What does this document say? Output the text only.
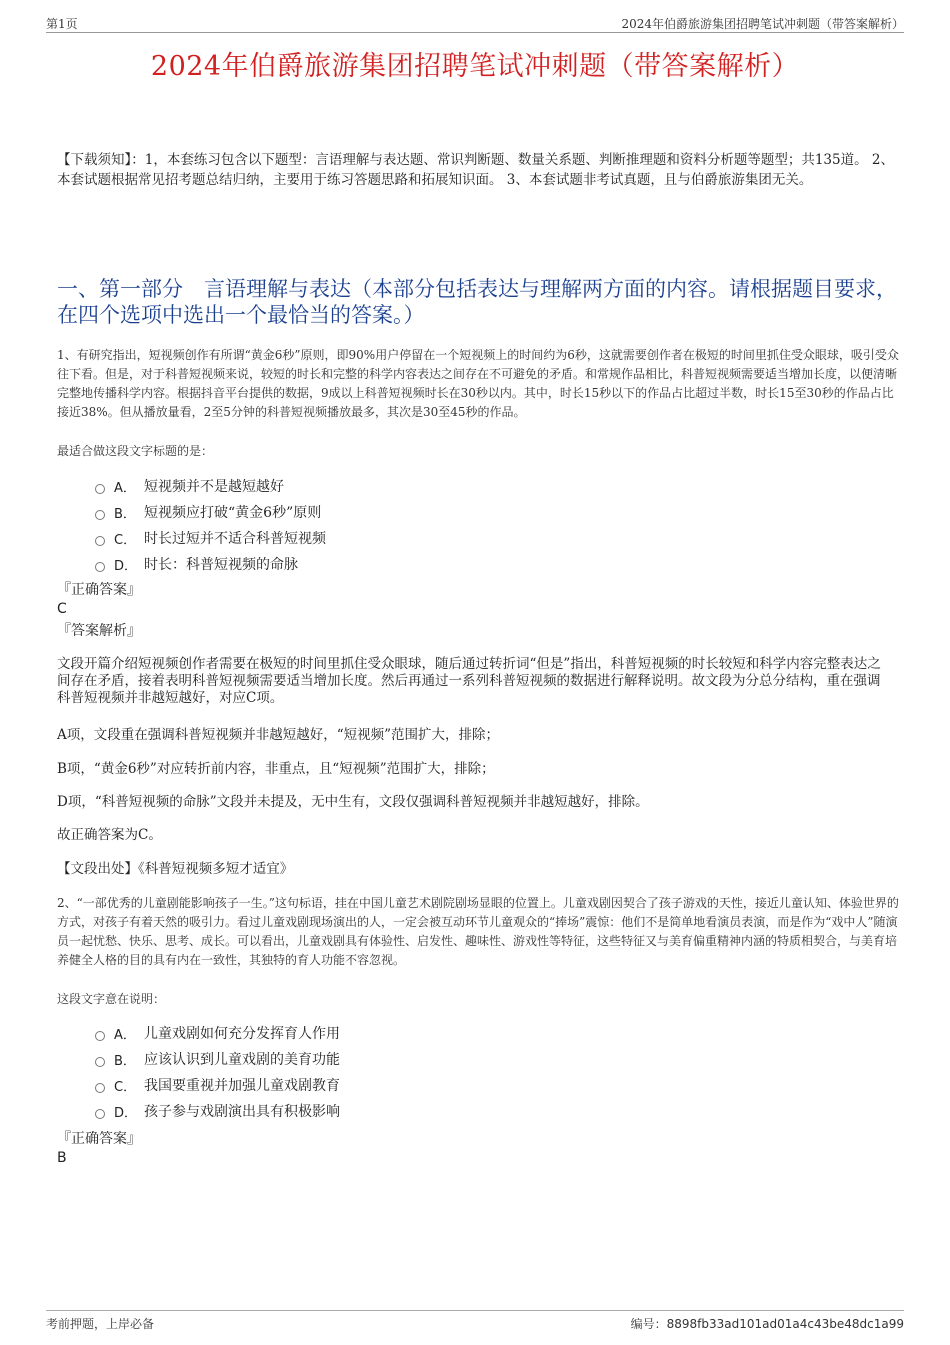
第1页	2024年伯爵旅游集团招聘笔试冲刺题（带答案解析）
2024年伯爵旅游集团招聘笔试冲刺题（带答案解析）
【下载须知】：1，本套练习包含以下题型：言语理解与表达题、常识判断题、数量关系题、判断推理题和资料分析题等题型；共135道。 2、本套试题根据常见招考题总结归纳，主要用于练习答题思路和拓展知识面。 3、本套试题非考试真题，且与伯爵旅游集团无关。
一、第一部分　言语理解与表达（本部分包括表达与理解两方面的内容。请根据题目要求，在四个选项中选出一个最恰当的答案。）
1、有研究指出，短视频创作有所谓“黄金6秒”原则，即90%用户停留在一个短视频上的时间约为6秒，这就需要创作者在极短的时间里抓住受众眼球，吸引受众往下看。但是，对于科普短视频来说，较短的时长和完整的科学内容表达之间存在不可避免的矛盾。和常规作品相比，科普短视频需要适当增加长度，以便清晰完整地传播科学内容。根据抖音平台提供的数据，9成以上科普短视频时长在30秒以内。其中，时长15秒以下的作品占比超过半数，时长15至30秒的作品占比接近38%。但从播放量看，2至5分钟的科普短视频播放最多，其次是30至45秒的作品。
最适合做这段文字标题的是：
A． 短视频并不是越短越好
B． 短视频应打破“黄金6秒”原则
C． 时长过短并不适合科普短视频
D． 时长：科普短视频的命脉
『正确答案』
C
『答案解析』
文段开篇介绍短视频创作者需要在极短的时间里抓住受众眼球，随后通过转折词“但是”指出，科普短视频的时长较短和科学内容完整表达之间存在矛盾，接着表明科普短视频需要适当增加长度。然后再通过一系列科普短视频的数据进行解释说明。故文段为分总分结构，重在强调科普短视频并非越短越好，对应C项。
A项，文段重在强调科普短视频并非越短越好，“短视频”范围扩大，排除；
B项，“黄金6秒”对应转折前内容，非重点，且“短视频”范围扩大，排除；
D项，“科普短视频的命脉”文段并未提及，无中生有，文段仅强调科普短视频并非越短越好，排除。
故正确答案为C。
【文段出处】《科普短视频多短才适宜》
2、“一部优秀的儿童剧能影响孩子一生。”这句标语，挂在中国儿童艺术剧院剧场显眼的位置上。儿童戏剧因契合了孩子游戏的天性，接近儿童认知、体验世界的方式，对孩子有着天然的吸引力。看过儿童戏剧现场演出的人，一定会被互动环节儿童观众的“捧场”震惊：他们不是简单地看演员表演，而是作为“戏中人”随演员一起忧愁、快乐、思考、成长。可以看出，儿童戏剧具有体验性、启发性、趣味性、游戏性等特征，这些特征又与美育偏重精神内涵的特质相契合，与美育培养健全人格的目的具有内在一致性，其独特的育人功能不容忽视。
这段文字意在说明：
A． 儿童戏剧如何充分发挥育人作用
B． 应该认识到儿童戏剧的美育功能
C． 我国要重视并加强儿童戏剧教育
D． 孩子参与戏剧演出具有积极影响
『正确答案』
B
考前押题，上岸必备	编号：8898fb33ad101ad01a4c43be48dc1a99
